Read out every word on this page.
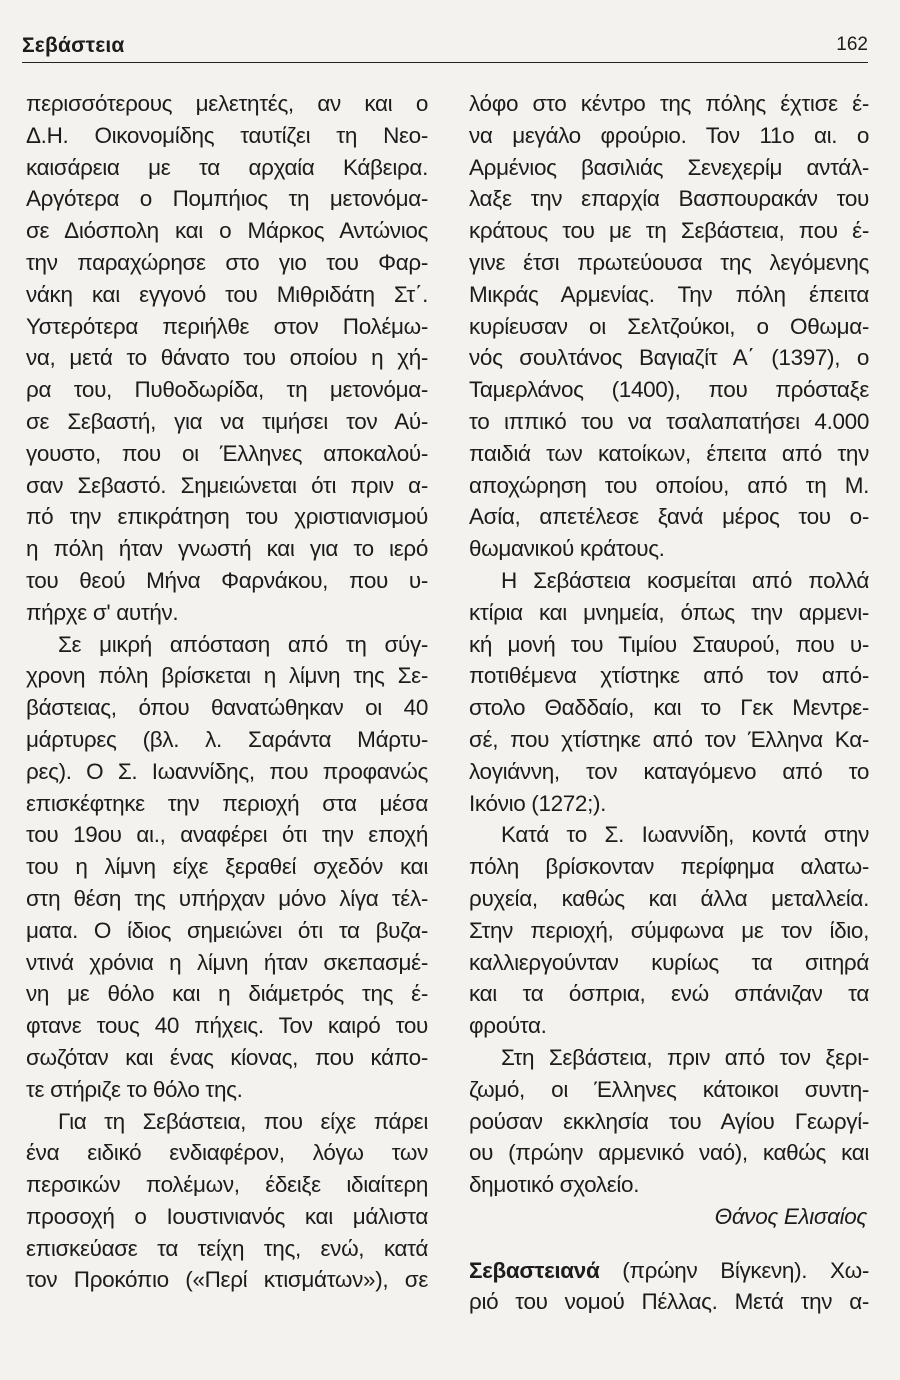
Σεβάστεια	162
περισσότερους μελετητές, αν και ο
Δ.Η. Οικονομίδης ταυτίζει τη Νεο-
καισάρεια με τα αρχαία Κάβειρα.
Αργότερα ο Πομπήιος τη μετονόμα-
σε Διόσπολη και ο Μάρκος Αντώνιος
την παραχώρησε στο γιο του Φαρ-
νάκη και εγγονό του Μιθριδάτη Στ΄.
Υστερότερα περιήλθε στον Πολέμω-
να, μετά το θάνατο του οποίου η χή-
ρα του, Πυθοδωρίδα, τη μετονόμα-
σε Σεβαστή, για να τιμήσει τον Αύ-
γουστο, που οι Έλληνες αποκαλού-
σαν Σεβαστό. Σημειώνεται ότι πριν α-
πό την επικράτηση του χριστιανισμού
η πόλη ήταν γνωστή και για το ιερό
του θεού Μήνα Φαρνάκου, που υ-
πήρχε σ' αυτήν.
Σε μικρή απόσταση από τη σύγ-
χρονη πόλη βρίσκεται η λίμνη της Σε-
βάστειας, όπου θανατώθηκαν οι 40
μάρτυρες (βλ. λ. Σαράντα Μάρτυ-
ρες). Ο Σ. Ιωαννίδης, που προφανώς
επισκέφτηκε την περιοχή στα μέσα
του 19ου αι., αναφέρει ότι την εποχή
του η λίμνη είχε ξεραθεί σχεδόν και
στη θέση της υπήρχαν μόνο λίγα τέλ-
ματα. Ο ίδιος σημειώνει ότι τα βυζα-
ντινά χρόνια η λίμνη ήταν σκεπασμέ-
νη με θόλο και η διάμετρός της έ-
φτανε τους 40 πήχεις. Τον καιρό του
σωζόταν και ένας κίονας, που κάπο-
τε στήριζε το θόλο της.
Για τη Σεβάστεια, που είχε πάρει
ένα ειδικό ενδιαφέρον, λόγω των
περσικών πολέμων, έδειξε ιδιαίτερη
προσοχή ο Ιουστινιανός και μάλιστα
επισκεύασε τα τείχη της, ενώ, κατά
τον Προκόπιο («Περί κτισμάτων»), σε
λόφο στο κέντρο της πόλης έχτισε έ-
να μεγάλο φρούριο. Τον 11ο αι. ο
Αρμένιος βασιλιάς Σενεχερίμ αντάλ-
λαξε την επαρχία Βασπουρακάν του
κράτους του με τη Σεβάστεια, που έ-
γινε έτσι πρωτεύουσα της λεγόμενης
Μικράς Αρμενίας. Την πόλη έπειτα
κυρίευσαν οι Σελτζούκοι, ο Οθωμα-
νός σουλτάνος Βαγιαζίτ Α΄ (1397), ο
Ταμερλάνος (1400), που πρόσταξε
το ιππικό του να τσαλαπατήσει 4.000
παιδιά των κατοίκων, έπειτα από την
αποχώρηση του οποίου, από τη Μ.
Ασία, απετέλεσε ξανά μέρος του ο-
θωμανικού κράτους.
Η Σεβάστεια κοσμείται από πολλά
κτίρια και μνημεία, όπως την αρμενι-
κή μονή του Τιμίου Σταυρού, που υ-
ποτιθέμενα χτίστηκε από τον από-
στολο Θαδδαίο, και το Γεκ Μεντρε-
σέ, που χτίστηκε από τον Έλληνα Κα-
λογιάννη, τον καταγόμενο από το
Ικόνιο (1272;).
Κατά το Σ. Ιωαννίδη, κοντά στην
πόλη βρίσκονταν περίφημα αλατω-
ρυχεία, καθώς και άλλα μεταλλεία.
Στην περιοχή, σύμφωνα με τον ίδιο,
καλλιεργούνταν κυρίως τα σιτηρά
και τα όσπρια, ενώ σπάνιζαν τα
φρούτα.
Στη Σεβάστεια, πριν από τον ξερι-
ζωμό, οι Έλληνες κάτοικοι συντη-
ρούσαν εκκλησία του Αγίου Γεωργί-
ου (πρώην αρμενικό ναό), καθώς και
δημοτικό σχολείο.
Θάνος Ελισαίος
Σεβαστειανά (πρώην Βίγκενη). Χω-
ριό του νομού Πέλλας. Μετά την α-
